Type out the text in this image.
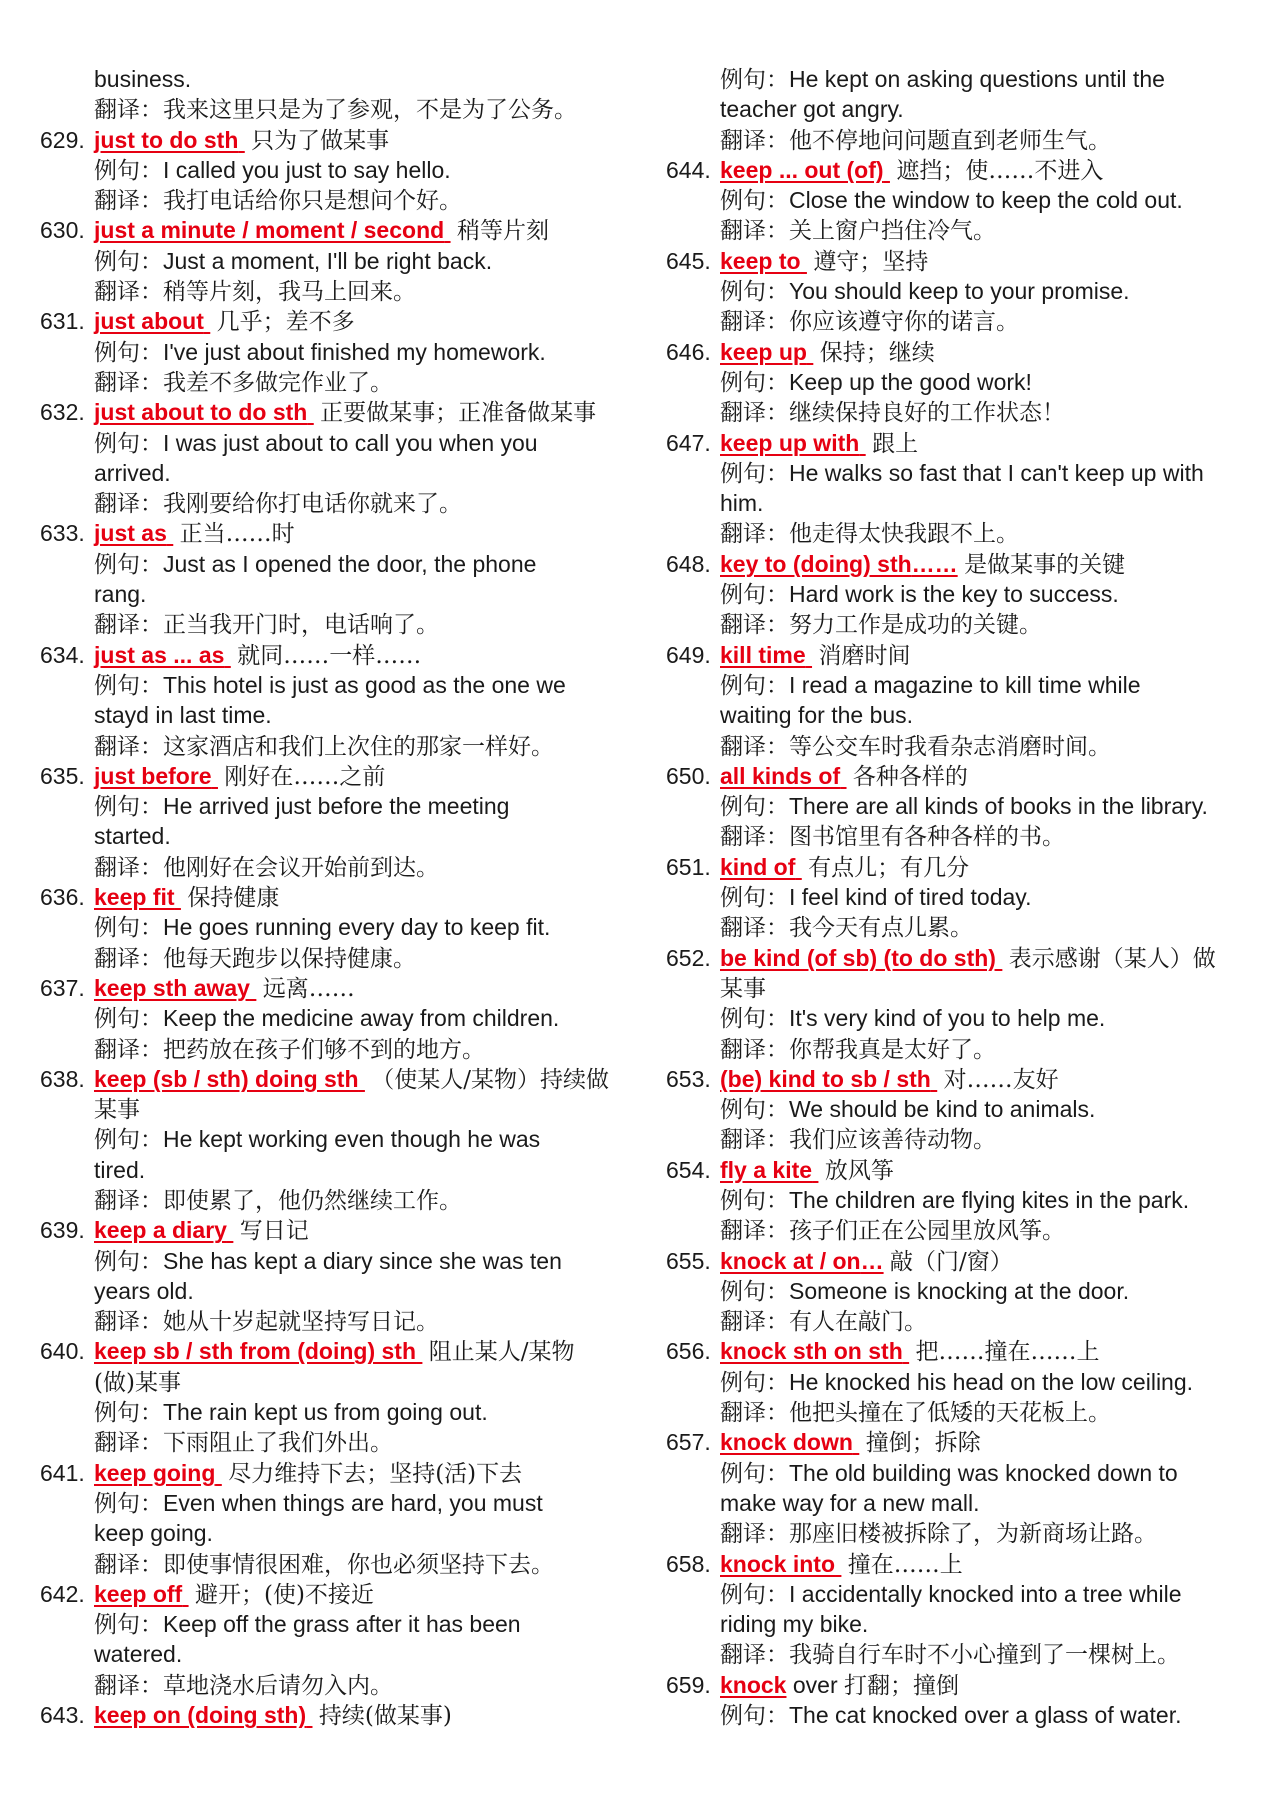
business.
翻译：我来这里只是为了参观，不是为了公务。
629. just to do sth 只为了做某事
例句：I called you just to say hello.
翻译：我打电话给你只是想问个好。
630. just a minute / moment / second 稍等片刻
例句：Just a moment, I'll be right back.
翻译：稍等片刻，我马上回来。
631. just about 几乎；差不多
例句：I've just about finished my homework.
翻译：我差不多做完作业了。
632. just about to do sth 正要做某事；正准备做某事
例句：I was just about to call you when you
arrived.
翻译：我刚要给你打电话你就来了。
633. just as 正当……时
例句：Just as I opened the door, the phone
rang.
翻译：正当我开门时，电话响了。
634. just as ... as 就同……一样……
例句：This hotel is just as good as the one we
stayd in last time.
翻译：这家酒店和我们上次住的那家一样好。
635. just before 刚好在……之前
例句：He arrived just before the meeting
started.
翻译：他刚好在会议开始前到达。
636. keep fit 保持健康
例句：He goes running every day to keep fit.
翻译：他每天跑步以保持健康。
637. keep sth away 远离……
例句：Keep the medicine away from children.
翻译：把药放在孩子们够不到的地方。
638. keep (sb / sth) doing sth （使某人/某物）持续做
某事
例句：He kept working even though he was
tired.
翻译：即使累了，他仍然继续工作。
639. keep a diary 写日记
例句：She has kept a diary since she was ten
years old.
翻译：她从十岁起就坚持写日记。
640. keep sb / sth from (doing) sth 阻止某人/某物
(做)某事
例句：The rain kept us from going out.
翻译：下雨阻止了我们外出。
641. keep going 尽力维持下去；坚持(活)下去
例句：Even when things are hard, you must
keep going.
翻译：即使事情很困难，你也必须坚持下去。
642. keep off 避开；(使)不接近
例句：Keep off the grass after it has been
watered.
翻译：草地浇水后请勿入内。
643. keep on (doing sth) 持续(做某事)
例句：He kept on asking questions until the
teacher got angry.
翻译：他不停地问问题直到老师生气。
644. keep ... out (of) 遮挡；使……不进入
例句：Close the window to keep the cold out.
翻译：关上窗户挡住冷气。
645. keep to 遵守；坚持
例句：You should keep to your promise.
翻译：你应该遵守你的诺言。
646. keep up 保持；继续
例句：Keep up the good work!
翻译：继续保持良好的工作状态！
647. keep up with 跟上
例句：He walks so fast that I can't keep up with
him.
翻译：他走得太快我跟不上。
648. key to (doing) sth…… 是做某事的关键
例句：Hard work is the key to success.
翻译：努力工作是成功的关键。
649. kill time 消磨时间
例句：I read a magazine to kill time while
waiting for the bus.
翻译：等公交车时我看杂志消磨时间。
650. all kinds of 各种各样的
例句：There are all kinds of books in the library.
翻译：图书馆里有各种各样的书。
651. kind of 有点儿；有几分
例句：I feel kind of tired today.
翻译：我今天有点儿累。
652. be kind (of sb) (to do sth) 表示感谢（某人）做
某事
例句：It's very kind of you to help me.
翻译：你帮我真是太好了。
653. (be) kind to sb / sth 对……友好
例句：We should be kind to animals.
翻译：我们应该善待动物。
654. fly a kite 放风筝
例句：The children are flying kites in the park.
翻译：孩子们正在公园里放风筝。
655. knock at / on… 敲（门/窗）
例句：Someone is knocking at the door.
翻译：有人在敲门。
656. knock sth on sth 把……撞在……上
例句：He knocked his head on the low ceiling.
翻译：他把头撞在了低矮的天花板上。
657. knock down 撞倒；拆除
例句：The old building was knocked down to
make way for a new mall.
翻译：那座旧楼被拆除了，为新商场让路。
658. knock into 撞在……上
例句：I accidentally knocked into a tree while
riding my bike.
翻译：我骑自行车时不小心撞到了一棵树上。
659. knock over 打翻；撞倒
例句：The cat knocked over a glass of water.
